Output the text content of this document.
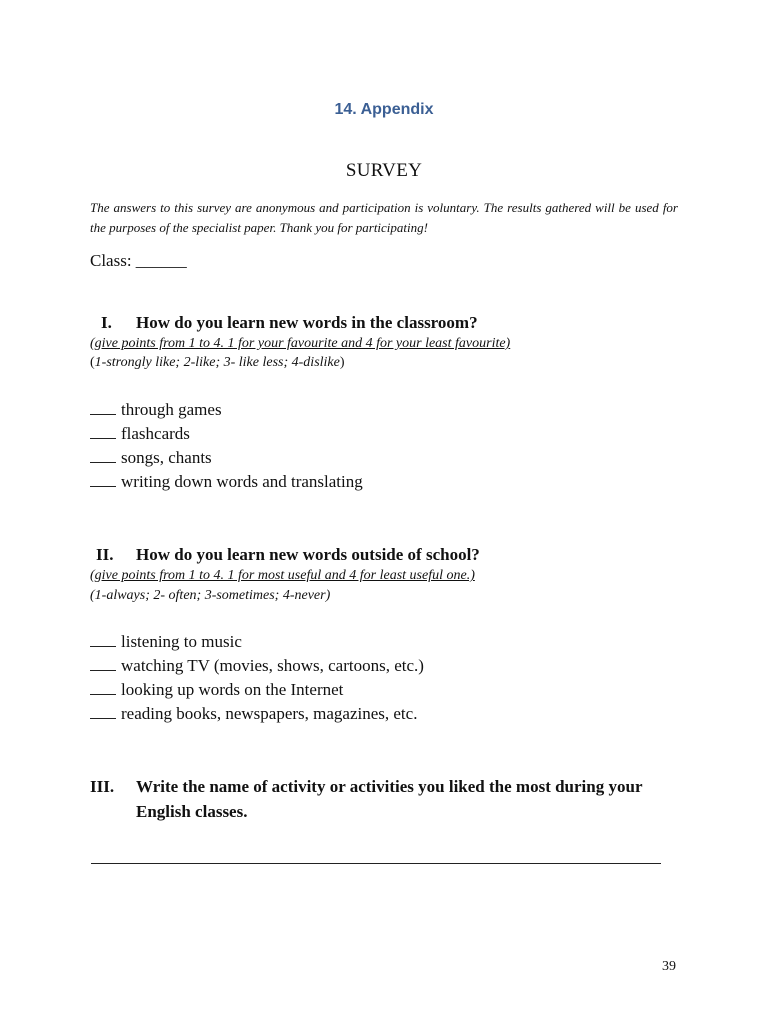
14. Appendix
SURVEY
The answers to this survey are anonymous and participation is voluntary. The results gathered will be used for the purposes of the specialist paper. Thank you for participating!
Class: ______
I. How do you learn new words in the classroom?
(give points from 1 to 4. 1 for your favourite and 4 for your least favourite)
(1-strongly like; 2-like; 3- like less; 4-dislike)
through games
flashcards
songs, chants
writing down words and translating
II. How do you learn new words outside of school?
(give points from 1 to 4. 1 for most useful and 4 for least useful one.)
(1-always; 2- often; 3-sometimes; 4-never)
listening to music
watching TV (movies, shows, cartoons, etc.)
looking up words on the Internet
reading books, newspapers, magazines, etc.
III. Write the name of activity or activities you liked the most during your English classes.
39
